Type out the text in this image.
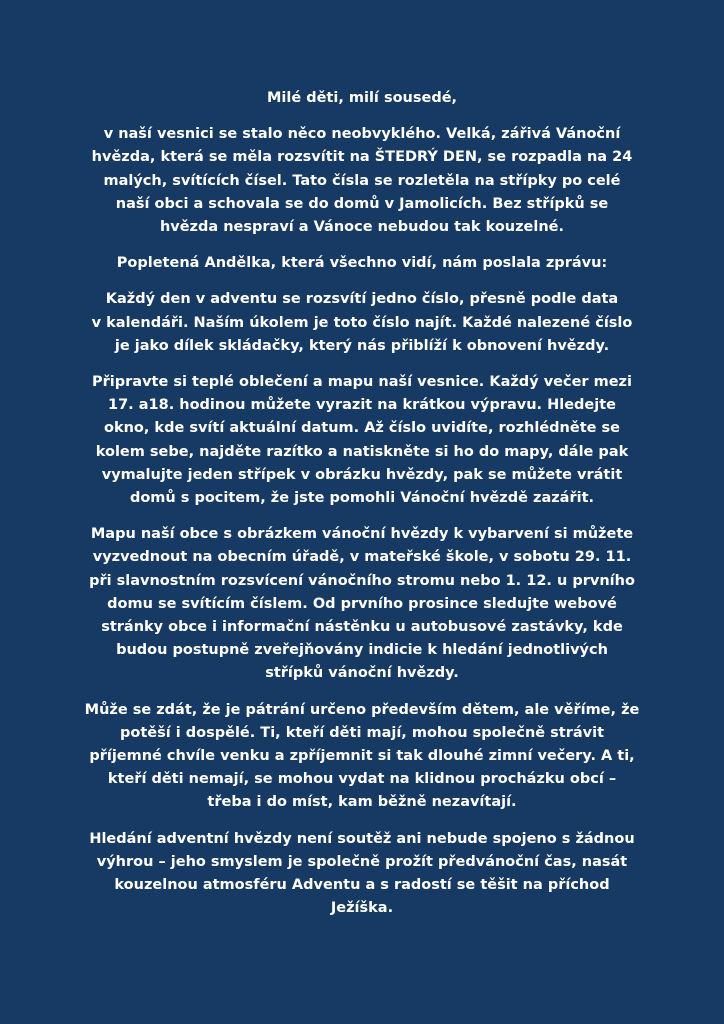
Milé děti, milí sousedé,

v naší vesnici se stalo něco neobvyklého. Velká, zářivá Vánoční
hvězda, která se měla rozsvítit na ŠTEDRÝ DEN, se rozpadla na 24
malých, svítících čísel. Tato čísla se rozletěla na střípky po celé
naší obci a schovala se do domů v Jamolicích. Bez střípků se
hvězda nespraví a Vánoce nebudou tak kouzelné.

Popletená Andělka, která všechno vidí, nám poslala zprávu:

Každý den v adventu se rozsvítí jedno číslo, přesně podle data
v kalendáři. Naším úkolem je toto číslo najít. Každé nalezené číslo
je jako dílek skládačky, který nás přiblíží k obnovení hvězdy.

Připravte si teplé oblečení a mapu naší vesnice. Každý večer mezi
17. a18. hodinou můžete vyrazit na krátkou výpravu. Hledejte
okno, kde svítí aktuální datum. Až číslo uvidíte, rozhlédněte se
kolem sebe, najděte razítko a natiskněte si ho do mapy, dále pak
vymalujte jeden střípek v obrázku hvězdy, pak se můžete vrátit
domů s pocitem, že jste pomohli Vánoční hvězdě zazářit.

Mapu naší obce s obrázkem vánoční hvězdy k vybarvení si můžete
vyzvednout na obecním úřadě, v mateřské škole, v sobotu 29. 11.
při slavnostním rozsvícení vánočního stromu nebo 1. 12. u prvního
domu se svítícím číslem. Od prvního prosince sledujte webové
stránky obce i informační nástěnku u autobusové zastávky, kde
budou postupně zveřejňovány indicie k hledání jednotlivých
střípků vánoční hvězdy.

Může se zdát, že je pátrání určeno především dětem, ale věříme, že
potěší i dospělé. Ti, kteří děti mají, mohou společně strávit
příjemné chvíle venku a zpříjemnit si tak dlouhé zimní večery. A ti,
kteří děti nemají, se mohou vydat na klidnou procházku obcí –
třeba i do míst, kam běžně nezavítají.

Hledání adventní hvězdy není soutěž ani nebude spojeno s žádnou
výhrou – jeho smyslem je společně prožít předvánoční čas, nasát
kouzelnou atmosféru Adventu a s radostí se těšit na příchod
Ježíška.
